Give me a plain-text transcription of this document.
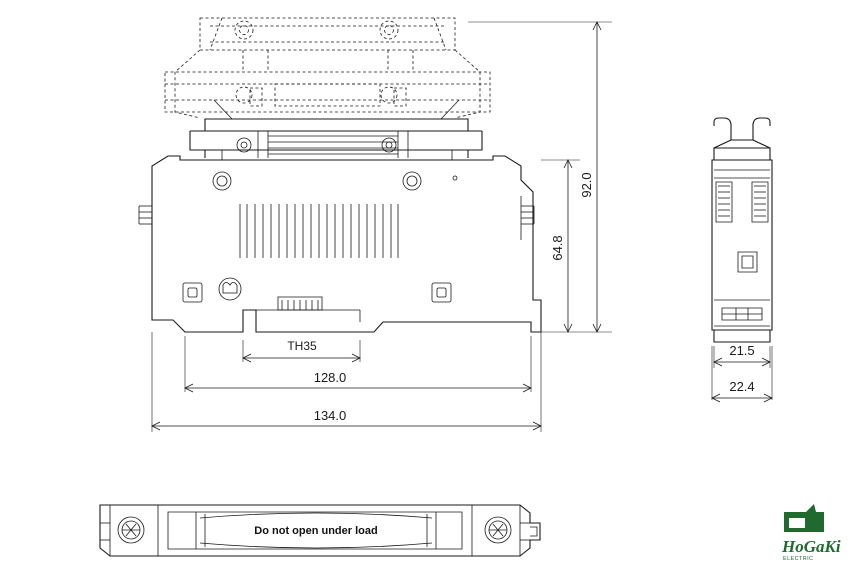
92.0
64.8
128.0
134.0
TH35	21.5
22.4
Do not open under load
HoGaKi
ELECTRIC
